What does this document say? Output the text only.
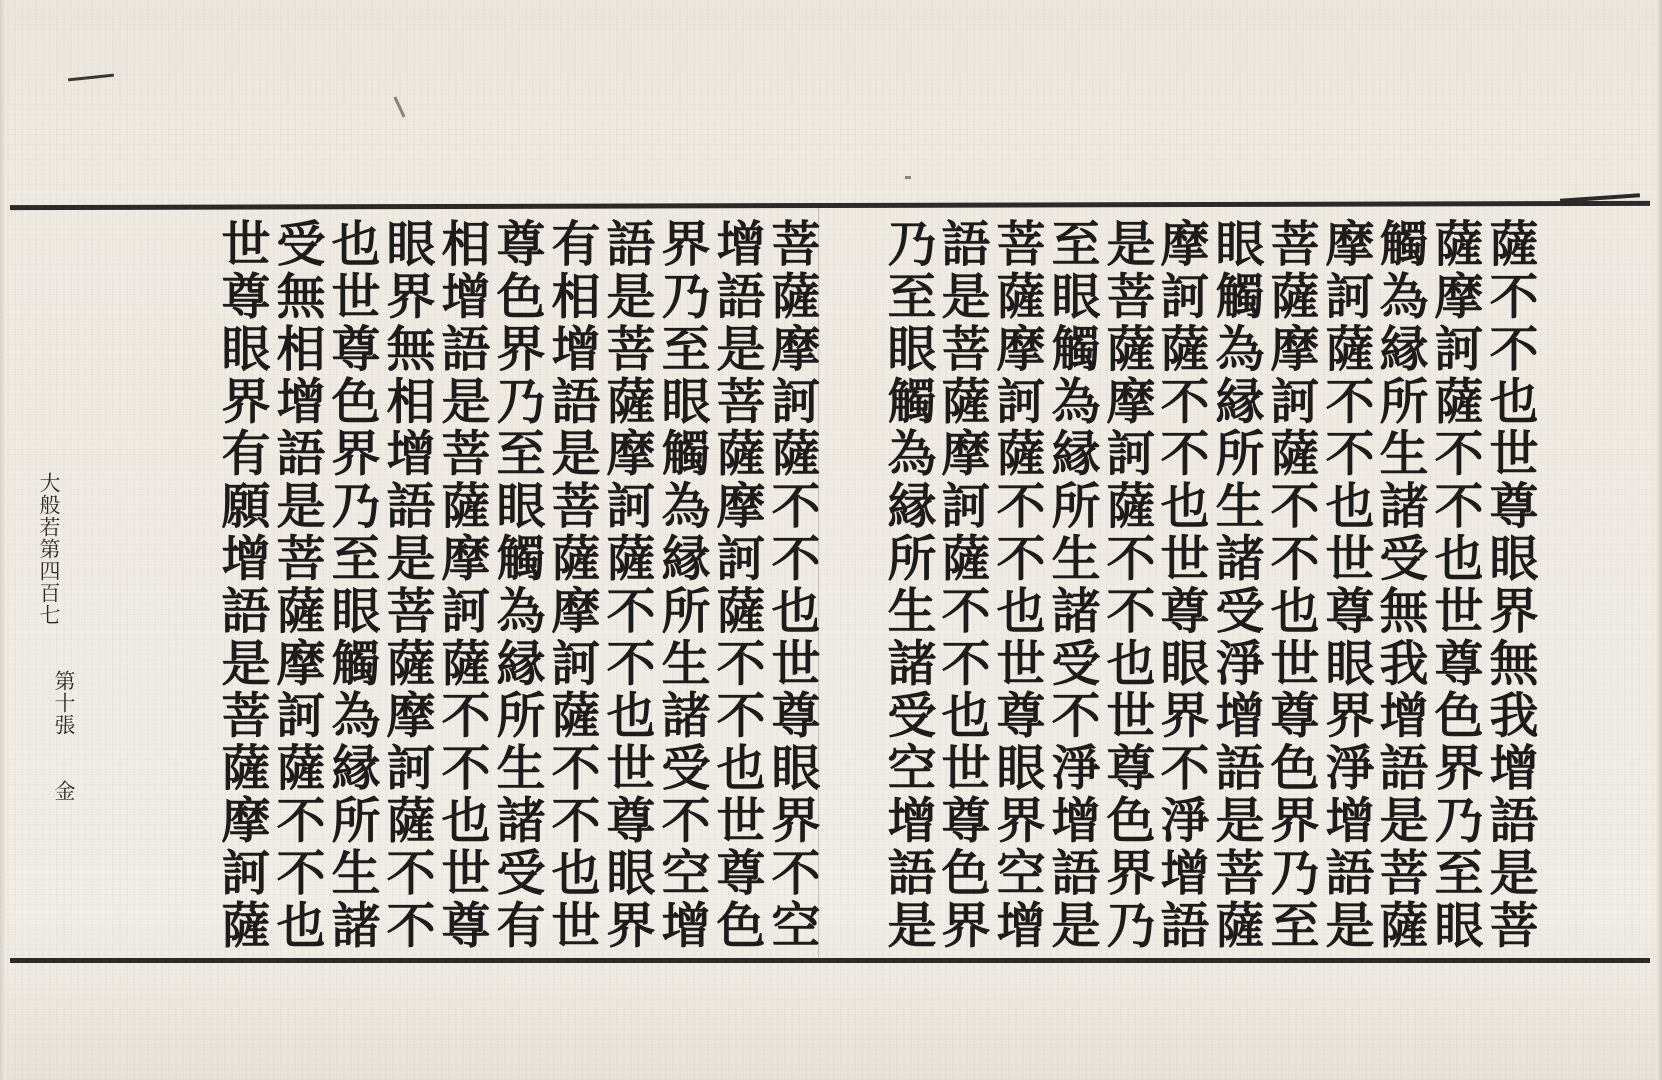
薩不不也世尊眼界無我增語是菩
薩摩訶薩不不也世尊色界乃至眼
觸為縁所生諸受無我增語是菩薩
摩訶薩不不也世尊眼界淨增語是
菩薩摩訶薩不不也世尊色界乃至
眼觸為縁所生諸受淨增語是菩薩
摩訶薩不不也世尊眼界不淨增語
是菩薩摩訶薩不不也世尊色界乃
至眼觸為縁所生諸受不淨增語是
菩薩摩訶薩不不也世尊眼界空增
語是菩薩摩訶薩不不也世尊色界
乃至眼觸為縁所生諸受空增語是
菩薩摩訶薩不不也世尊眼界不空
增語是菩薩摩訶薩不不也世尊色
界乃至眼觸為縁所生諸受不空增
語是菩薩摩訶薩不不也世尊眼界
有相增語是菩薩摩訶薩不不也世
尊色界乃至眼觸為縁所生諸受有
相增語是菩薩摩訶薩不不也世尊
眼界無相增語是菩薩摩訶薩不不
也世尊色界乃至眼觸為縁所生諸
受無相增語是菩薩摩訶薩不不也
世尊眼界有願增語是菩薩摩訶薩
大般若第四百七
第十張
金
